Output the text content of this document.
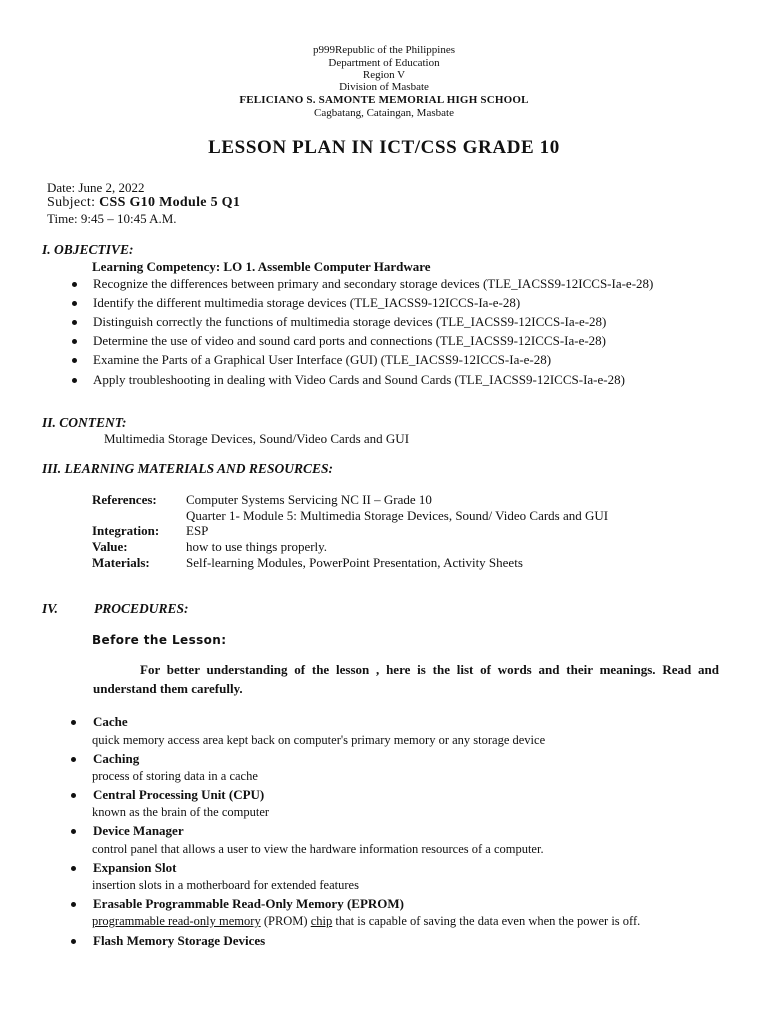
p999Republic of the Philippines
Department of Education
Region V
Division of Masbate
FELICIANO S. SAMONTE MEMORIAL HIGH SCHOOL
Cagbatang, Cataingan, Masbate
LESSON PLAN IN ICT/CSS GRADE 10
Date: June 2, 2022
Subject: CSS G10 Module 5 Q1
Time: 9:45 – 10:45 A.M.
I. OBJECTIVE:
Learning Competency: LO 1. Assemble Computer Hardware
Recognize the differences between primary and secondary storage devices (TLE_IACSS9-12ICCS-Ia-e-28)
Identify the different multimedia storage devices (TLE_IACSS9-12ICCS-Ia-e-28)
Distinguish correctly the functions of multimedia storage devices (TLE_IACSS9-12ICCS-Ia-e-28)
Determine the use of video and sound card ports and connections (TLE_IACSS9-12ICCS-Ia-e-28)
Examine the Parts of a Graphical User Interface (GUI) (TLE_IACSS9-12ICCS-Ia-e-28)
Apply troubleshooting in dealing with Video Cards and Sound Cards (TLE_IACSS9-12ICCS-Ia-e-28)
II. CONTENT:
Multimedia Storage Devices, Sound/Video Cards and GUI
III. LEARNING MATERIALS AND RESOURCES:
References: Computer Systems Servicing NC II – Grade 10
Quarter 1- Module 5: Multimedia Storage Devices, Sound/ Video Cards and GUI
Integration: ESP
Value:	how to use things properly.
Materials:	Self-learning Modules, PowerPoint Presentation, Activity Sheets
IV.	PROCEDURES:
Before the Lesson:
For better understanding of the lesson , here is the list of words and their meanings. Read and understand them carefully.
Cache
quick memory access area kept back on computer's primary memory or any storage device
Caching
process of storing data in a cache
Central Processing Unit (CPU)
known as the brain of the computer
Device Manager
control panel that allows a user to view the hardware information resources of a computer.
Expansion Slot
insertion slots in a motherboard for extended features
Erasable Programmable Read-Only Memory (EPROM)
programmable read-only memory (PROM) chip that is capable of saving the data even when the power is off.
Flash Memory Storage Devices
